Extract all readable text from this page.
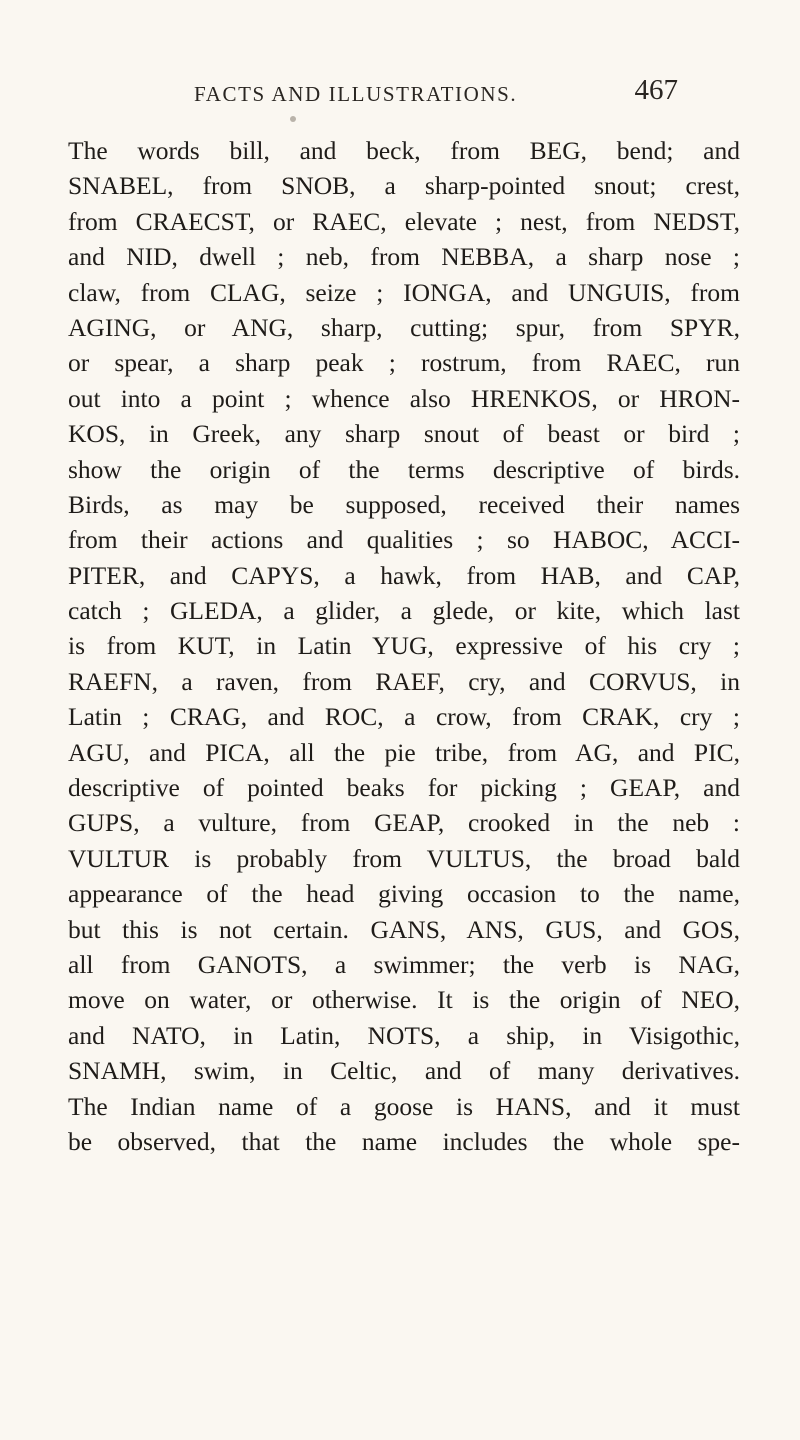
FACTS AND ILLUSTRATIONS.	467
The words bill, and beck, from BEG, bend; and
SNABEL, from SNOB, a sharp-pointed snout; crest,
from CRAECST, or RAEC, elevate ; nest, from NEDST,
and NID, dwell ; neb, from NEBBA, a sharp nose ;
claw, from CLAG, seize ; IONGA, and UNGUIS, from
AGING, or ANG, sharp, cutting; spur, from SPYR,
or spear, a sharp peak ; rostrum, from RAEC, run
out into a point ; whence also HRENKOS, or HRON-
KOS, in Greek, any sharp snout of beast or bird ;
show the origin of the terms descriptive of birds.
Birds, as may be supposed, received their names
from their actions and qualities ; so HABOC, ACCI-
PITER, and CAPYS, a hawk, from HAB, and CAP,
catch ; GLEDA, a glider, a glede, or kite, which last
is from KUT, in Latin YUG, expressive of his cry ;
RAEFN, a raven, from RAEF, cry, and CORVUS, in
Latin ; CRAG, and ROC, a crow, from CRAK, cry ;
AGU, and PICA, all the pie tribe, from AG, and PIC,
descriptive of pointed beaks for picking ; GEAP, and
GUPS, a vulture, from GEAP, crooked in the neb :
VULTUR is probably from VULTUS, the broad bald
appearance of the head giving occasion to the name,
but this is not certain. GANS, ANS, GUS, and GOS,
all from GANOTS, a swimmer; the verb is NAG,
move on water, or otherwise. It is the origin of NEO,
and NATO, in Latin, NOTS, a ship, in Visigothic,
SNAMH, swim, in Celtic, and of many derivatives.
The Indian name of a goose is HANS, and it must
be observed, that the name includes the whole spe-
